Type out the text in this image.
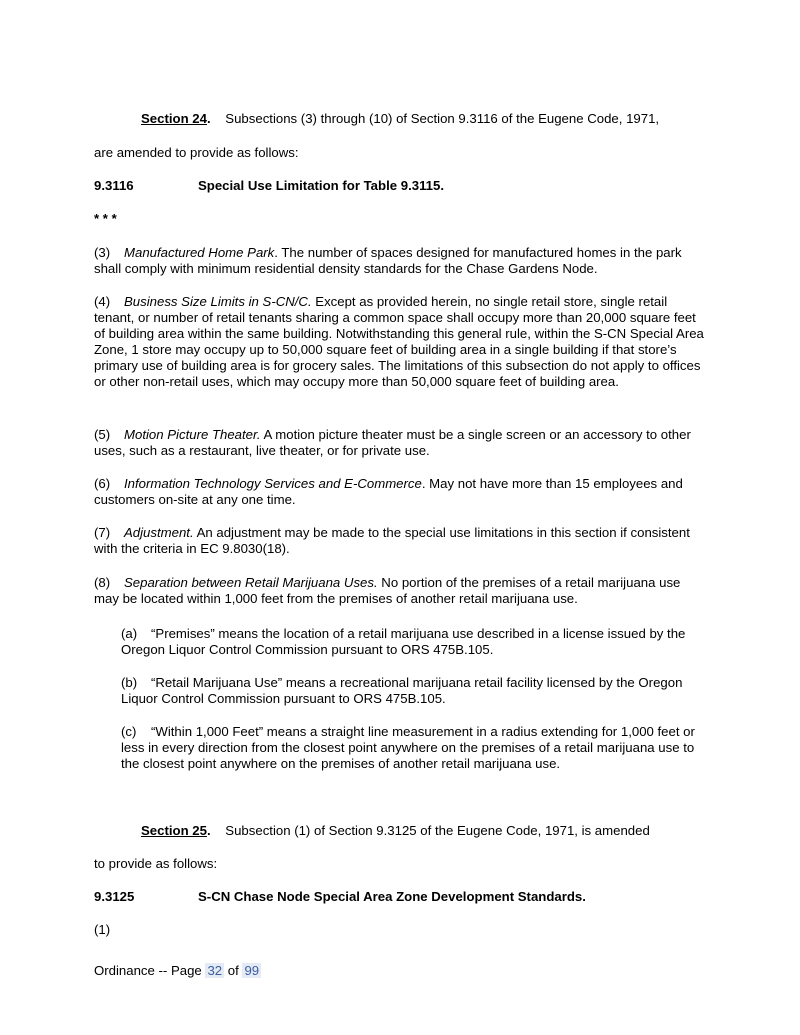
Section 24. Subsections (3) through (10) of Section 9.3116 of the Eugene Code, 1971,
are amended to provide as follows:
9.3116	Special Use Limitation for Table 9.3115.
* * *
(3) Manufactured Home Park. The number of spaces designed for manufactured homes in the park shall comply with minimum residential density standards for the Chase Gardens Node.
(4) Business Size Limits in S-CN/C. Except as provided herein, no single retail store, single retail tenant, or number of retail tenants sharing a common space shall occupy more than 20,000 square feet of building area within the same building. Notwithstanding this general rule, within the S-CN Special Area Zone, 1 store may occupy up to 50,000 square feet of building area in a single building if that store’s primary use of building area is for grocery sales. The limitations of this subsection do not apply to offices or other non-retail uses, which may occupy more than 50,000 square feet of building area.
(5) Motion Picture Theater. A motion picture theater must be a single screen or an accessory to other uses, such as a restaurant, live theater, or for private use.
(6) Information Technology Services and E-Commerce. May not have more than 15 employees and customers on-site at any one time.
(7) Adjustment. An adjustment may be made to the special use limitations in this section if consistent with the criteria in EC 9.8030(18).
(8) Separation between Retail Marijuana Uses. No portion of the premises of a retail marijuana use may be located within 1,000 feet from the premises of another retail marijuana use.
(a) “Premises” means the location of a retail marijuana use described in a license issued by the Oregon Liquor Control Commission pursuant to ORS 475B.105.
(b) “Retail Marijuana Use” means a recreational marijuana retail facility licensed by the Oregon Liquor Control Commission pursuant to ORS 475B.105.
(c) “Within 1,000 Feet” means a straight line measurement in a radius extending for 1,000 feet or less in every direction from the closest point anywhere on the premises of a retail marijuana use to the closest point anywhere on the premises of another retail marijuana use.
Section 25. Subsection (1) of Section 9.3125 of the Eugene Code, 1971, is amended
to provide as follows:
9.3125	S-CN Chase Node Special Area Zone Development Standards.
(1)
Ordinance -- Page 32 of 99
